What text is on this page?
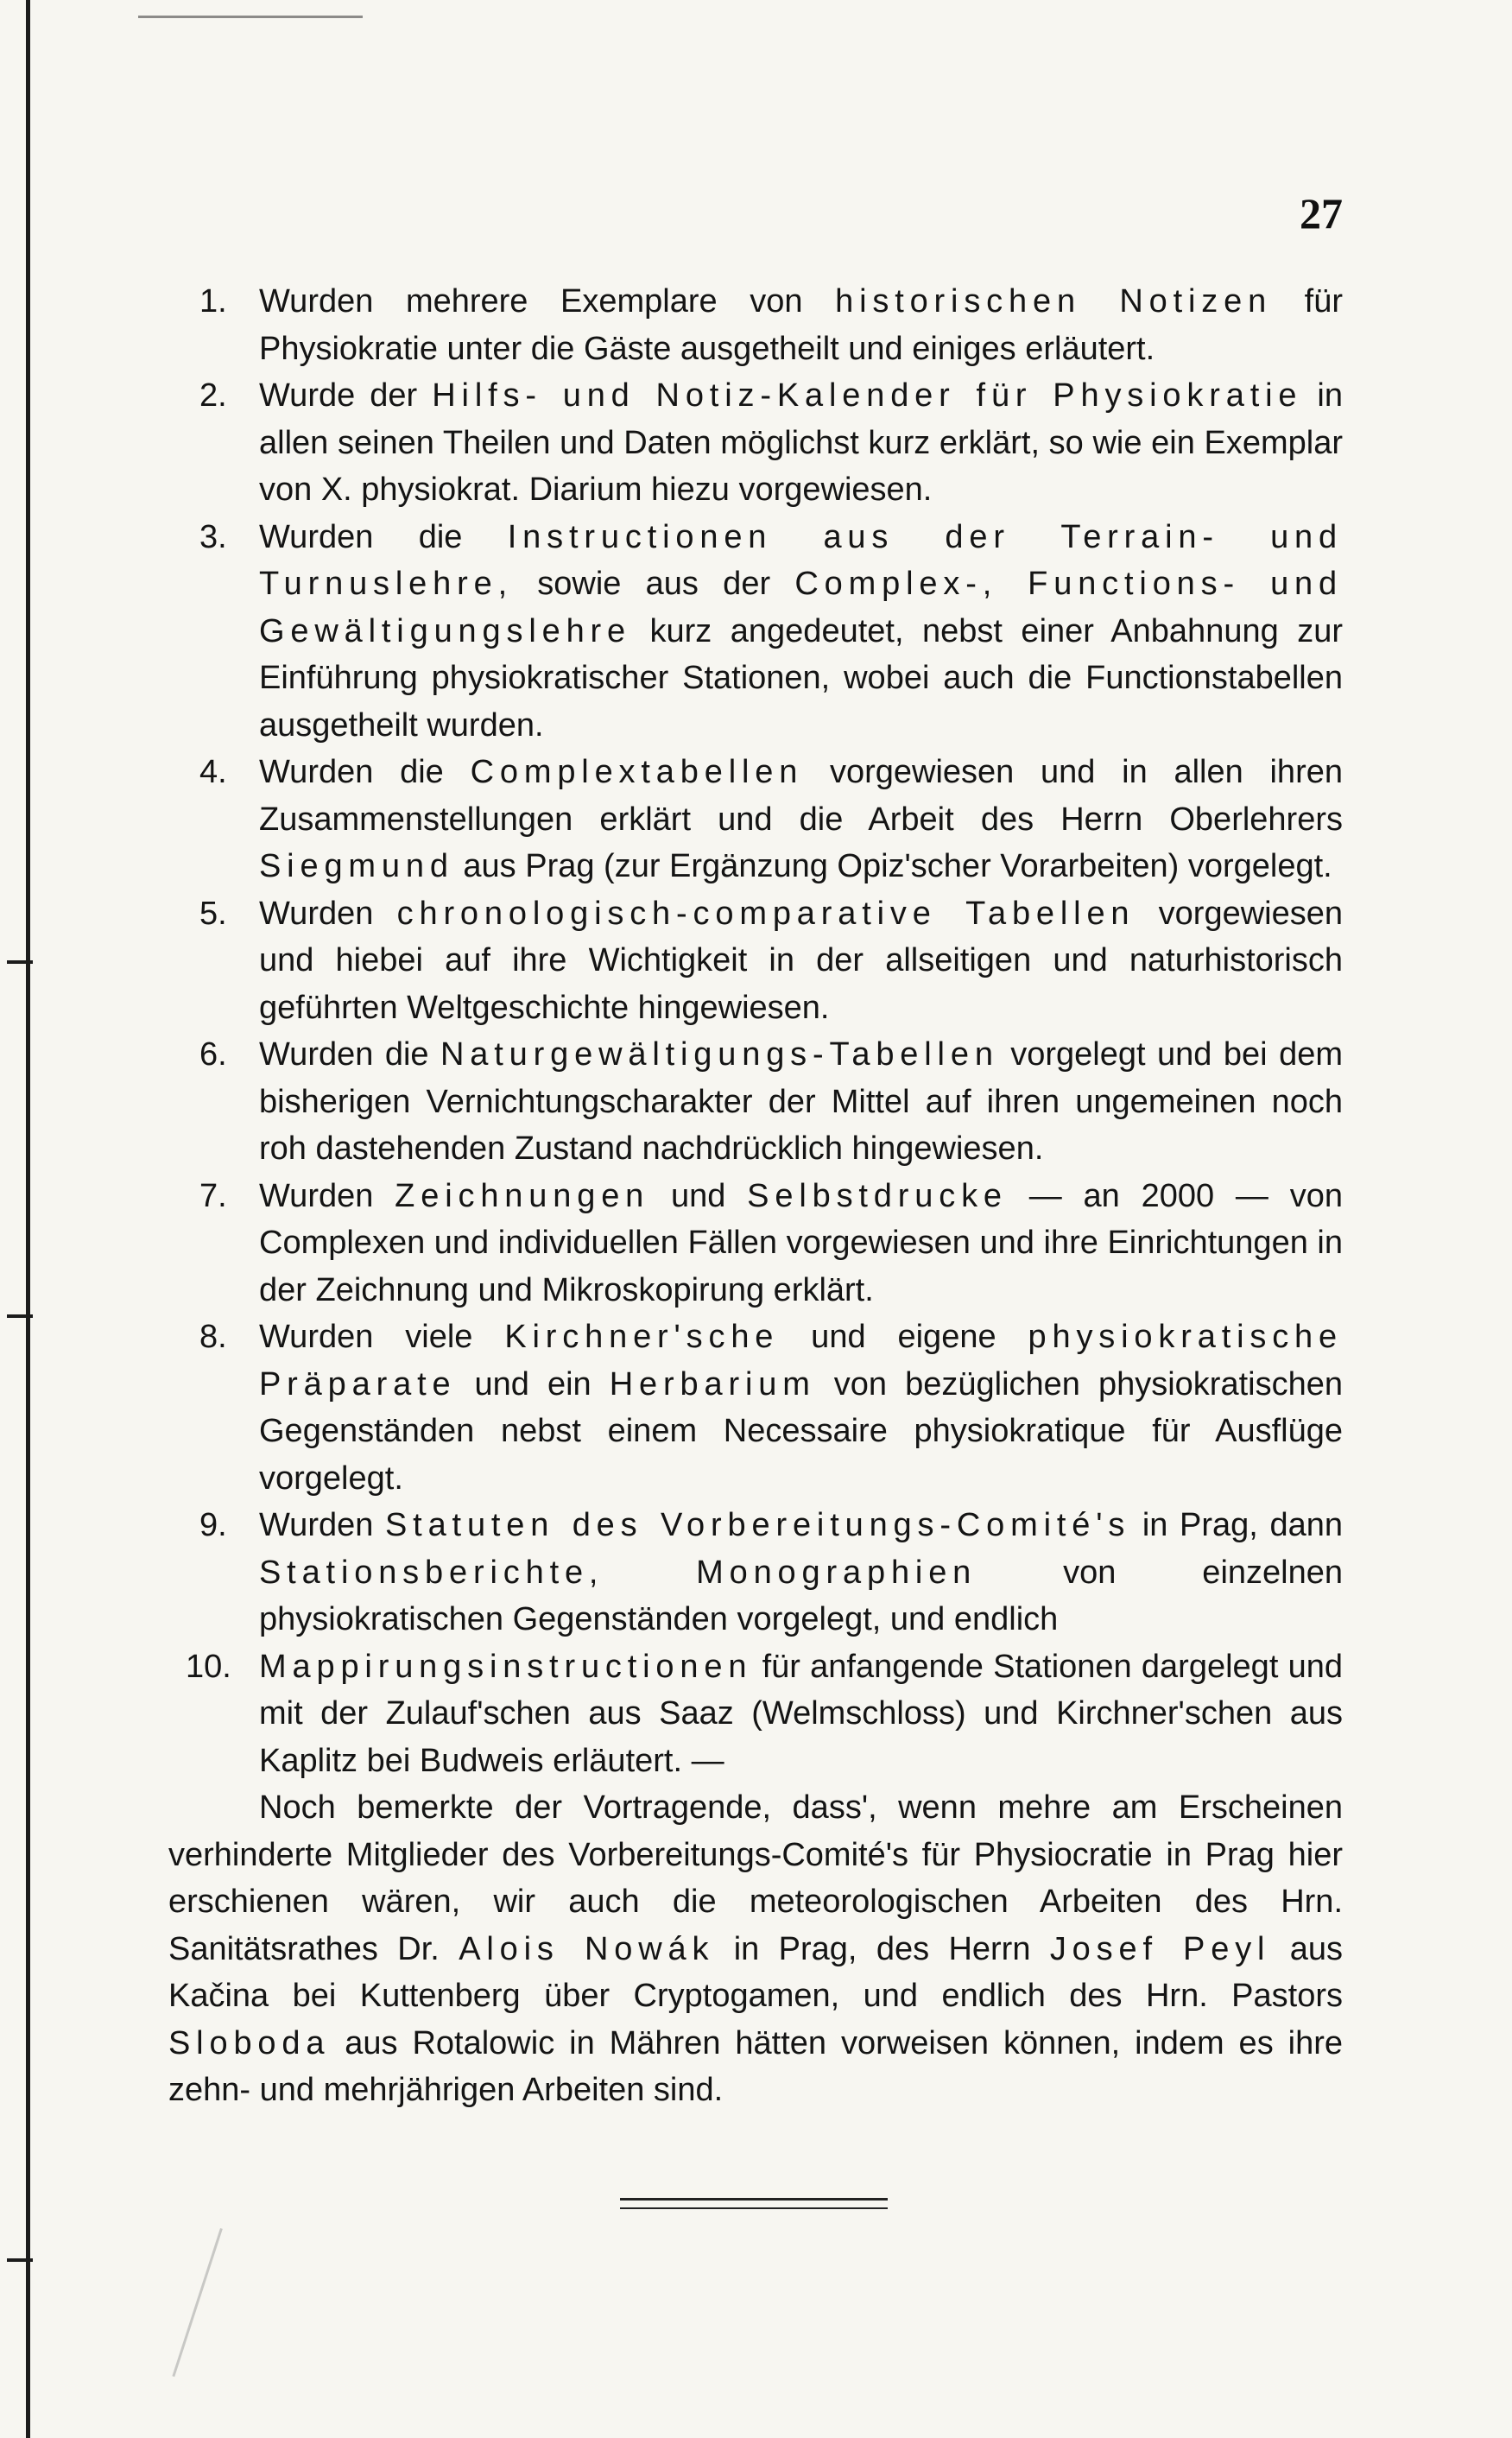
27

1. Wurden mehrere Exemplare von historischen Notizen für Physiokratie unter die Gäste ausgetheilt und einiges erläutert.

2. Wurde der Hilfs- und Notiz-Kalender für Physiokratie in allen seinen Theilen und Daten möglichst kurz erklärt, so wie ein Exemplar von X. physiokrat. Diarium hiezu vorgewiesen.

3. Wurden die Instructionen aus der Terrain- und Turnuslehre, sowie aus der Complex-, Functions- und Gewältigungslehre kurz angedeutet, nebst einer Anbahnung zur Einführung physiokratischer Stationen, wobei auch die Functionstabellen ausgetheilt wurden.

4. Wurden die Complextabellen vorgewiesen und in allen ihren Zusammenstellungen erklärt und die Arbeit des Herrn Oberlehrers Siegmund aus Prag (zur Ergänzung Opiz'scher Vorarbeiten) vorgelegt.

5. Wurden chronologisch-comparative Tabellen vorgewiesen und hiebei auf ihre Wichtigkeit in der allseitigen und naturhistorisch geführten Weltgeschichte hingewiesen.

6. Wurden die Naturgewältigungs-Tabellen vorgelegt und bei dem bisherigen Vernichtungscharakter der Mittel auf ihren ungemeinen noch roh dastehenden Zustand nachdrücklich hingewiesen.

7. Wurden Zeichnungen und Selbstdrucke — an 2000 — von Complexen und individuellen Fällen vorgewiesen und ihre Einrichtungen in der Zeichnung und Mikroskopirung erklärt.

8. Wurden viele Kirchner'sche und eigene physiokratische Präparate und ein Herbarium von bezüglichen physiokratischen Gegenständen nebst einem Necessaire physiokratique für Ausflüge vorgelegt.

9. Wurden Statuten des Vorbereitungs-Comité's in Prag, dann Stationsberichte, Monographien von einzelnen physiokratischen Gegenständen vorgelegt, und endlich

10. Mappirungsinstructionen für anfangende Stationen dargelegt und mit der Zulauf'schen aus Saaz (Welmschloss) und Kirchner'schen aus Kaplitz bei Budweis erläutert. —

Noch bemerkte der Vortragende, dass', wenn mehre am Erscheinen verhinderte Mitglieder des Vorbereitungs-Comité's für Physiocratie in Prag hier erschienen wären, wir auch die meteorologischen Arbeiten des Hrn. Sanitätsrathes Dr. Alois Nowák in Prag, des Herrn Josef Peyl aus Kačina bei Kuttenberg über Cryptogamen, und endlich des Hrn. Pastors Sloboda aus Rotalowic in Mähren hätten vorweisen können, indem es ihre zehn- und mehrjährigen Arbeiten sind.
